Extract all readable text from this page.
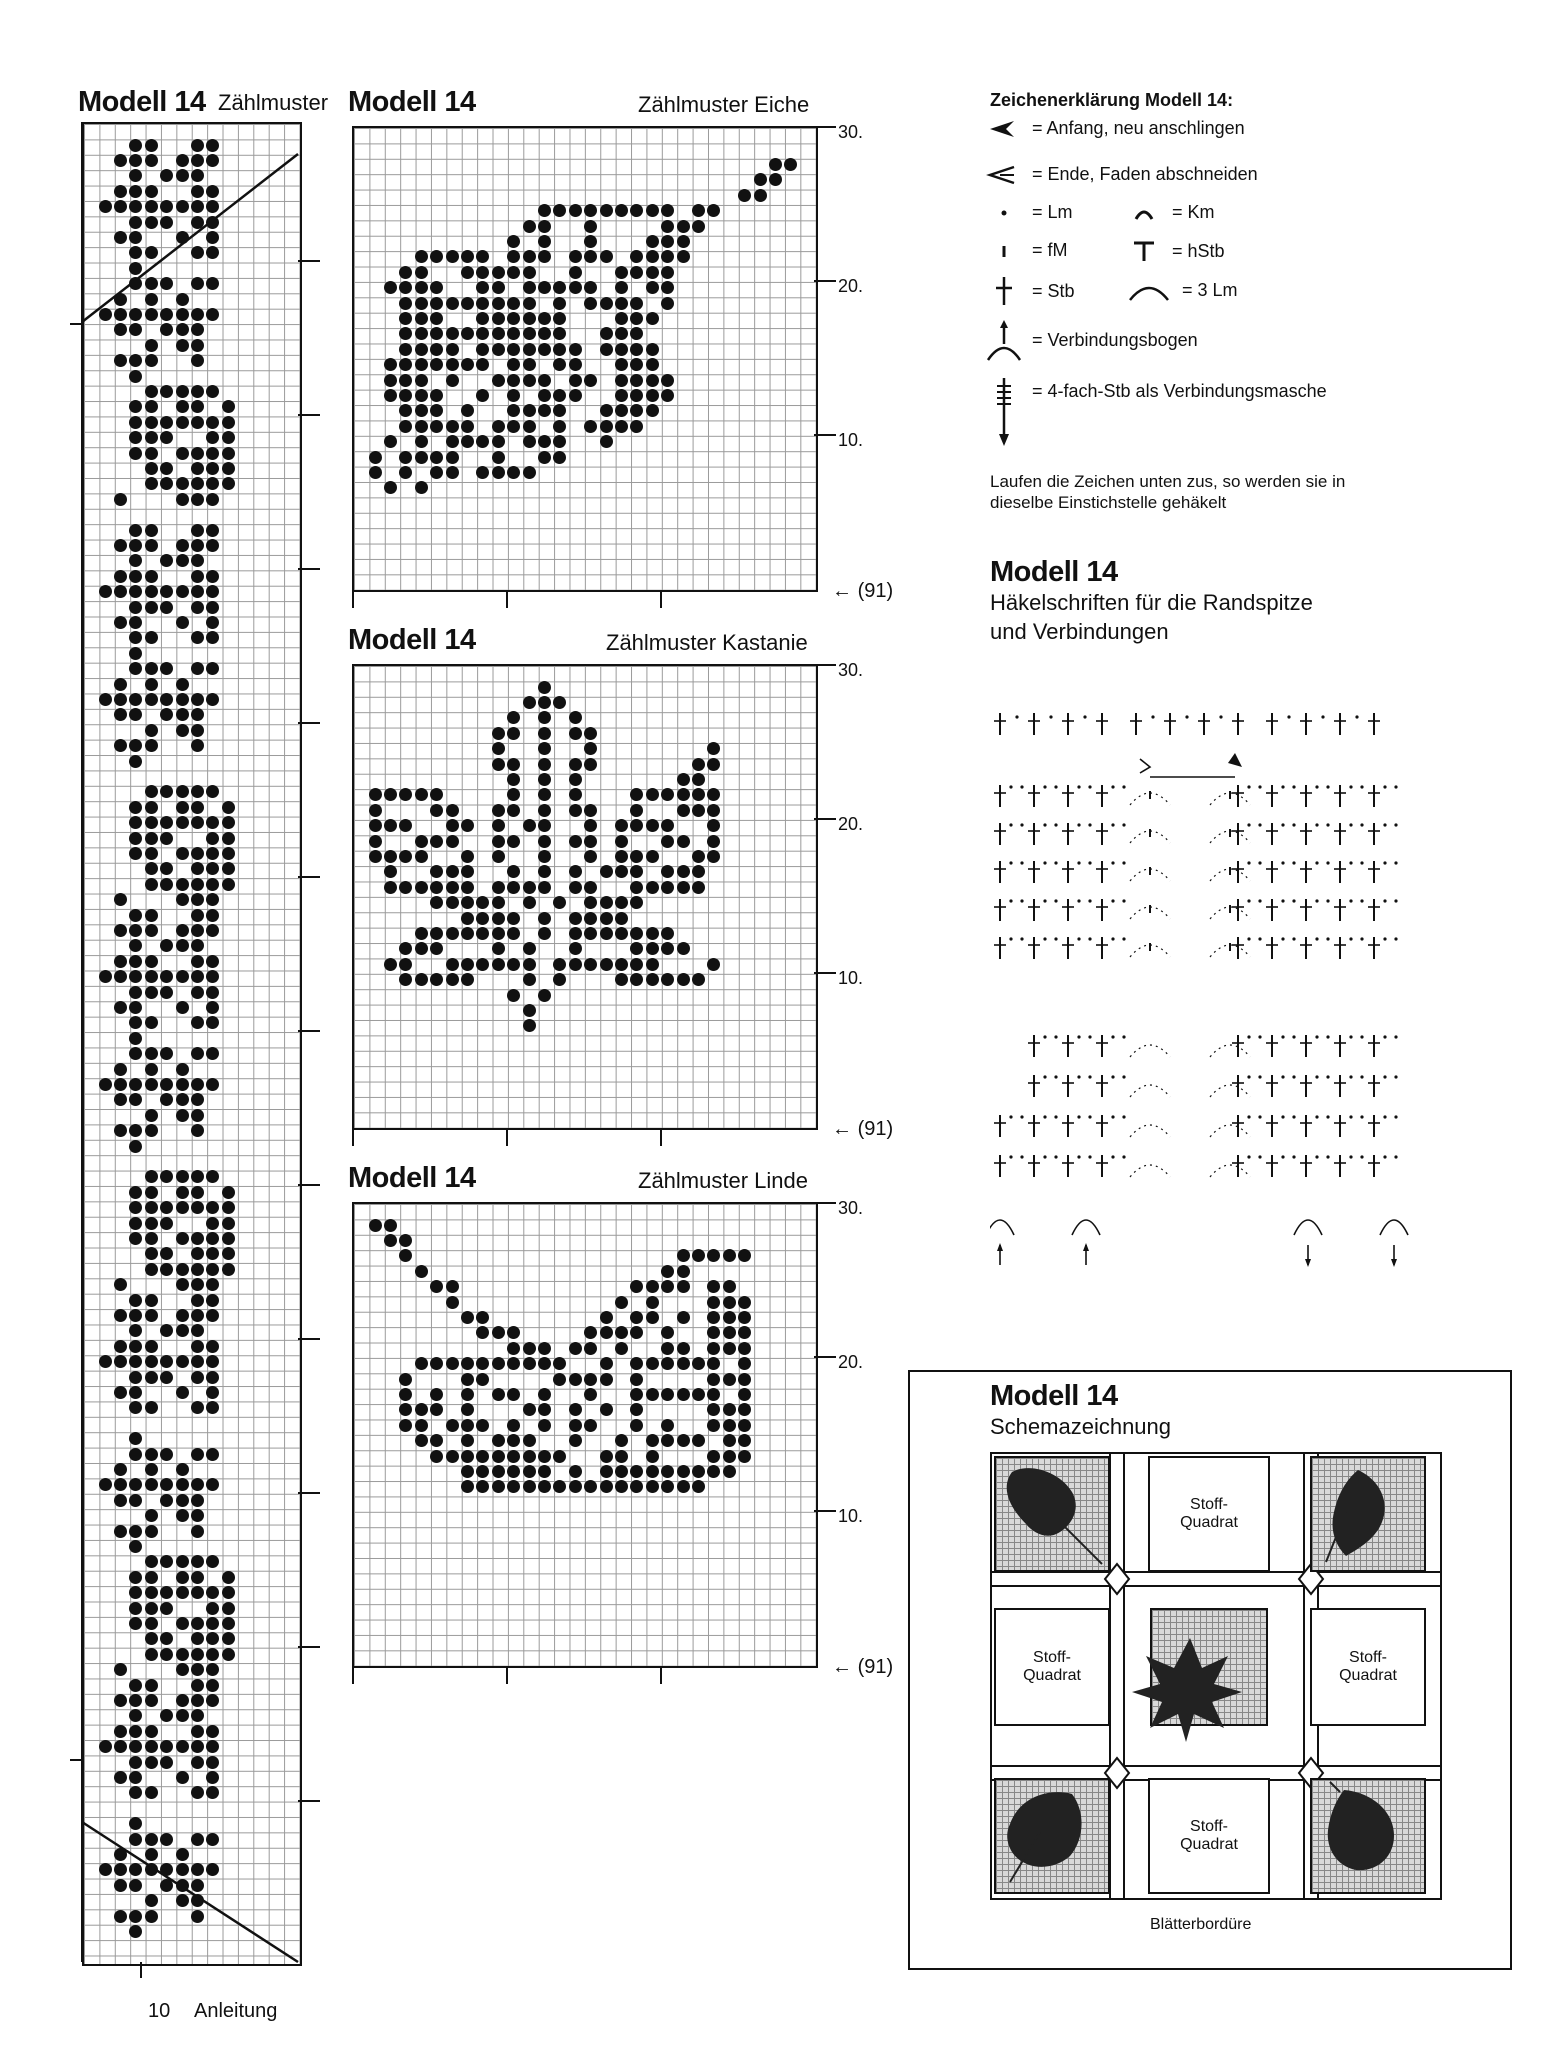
Modell 14 Zählmuster Modell 14	Zählmuster Eiche
30.
20.
10.
← (91)
Modell 14	Zählmuster Kastanie
30.
20.
10.
← (91)
Modell 14	Zählmuster Linde
30.
20.
10.
← (91)
Zeichenerklärung Modell 14:
= Anfang, neu anschlingen
= Ende, Faden abschneiden
= Lm	= Km
= fM	= hStb
= Stb	= 3 Lm
= Verbindungsbogen
= 4-fach-Stb als Verbindungsmasche
Laufen die Zeichen unten zus, so werden sie in dieselbe Einstichstelle gehäkelt
Modell 14
Häkelschriften für die Randspitze
und Verbindungen
Modell 14
Schemazeichnung
Stoff-
Quadrat
Stoff-
Quadrat
Stoff-
Quadrat
Stoff-
Quadrat
Blätterbordüre
10 Anleitung
